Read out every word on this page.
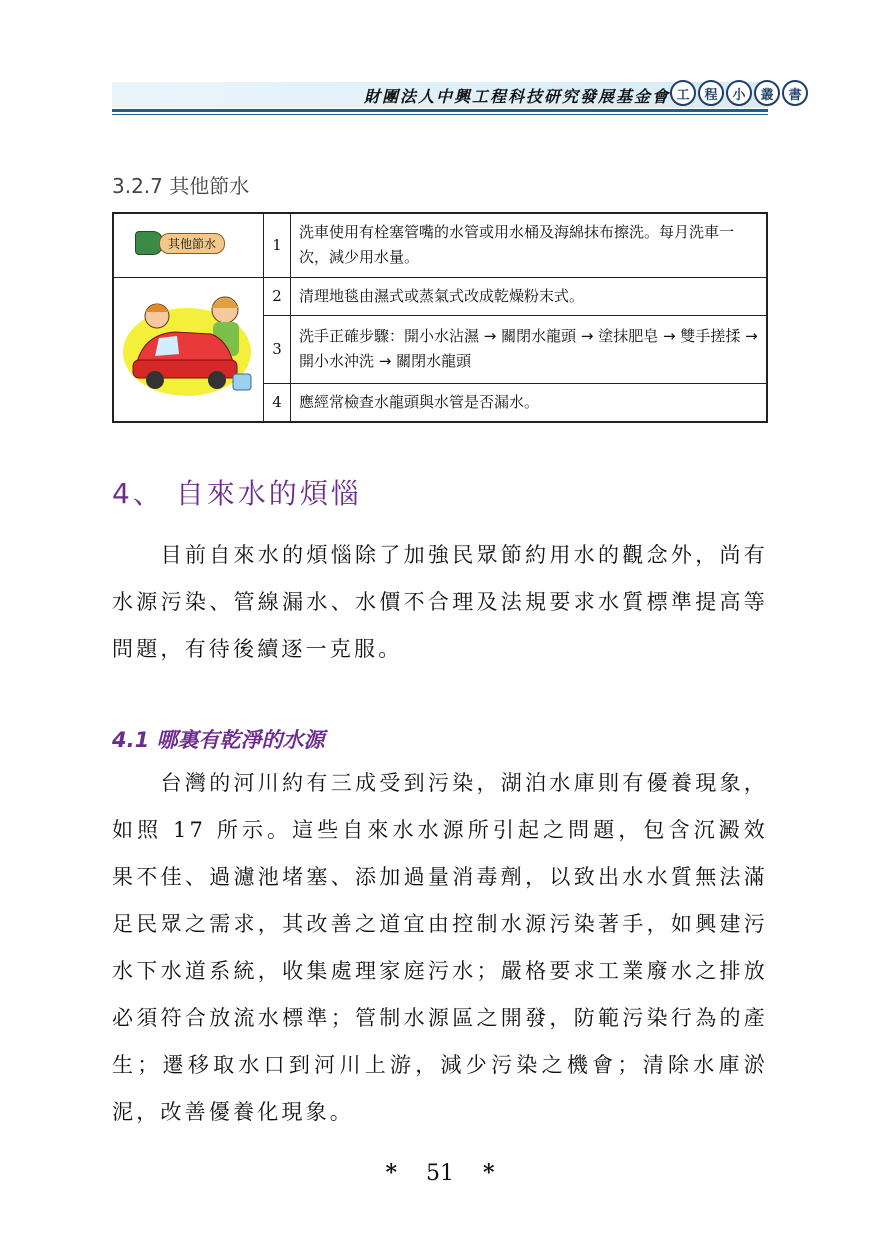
財團法人中興工程科技研究發展基金會 工	程	小	叢	書
3.2.7 其他節水
其他節水	1	洗車使用有栓塞管嘴的水管或用水桶及海綿抹布擦洗。每月洗車一次，減少用水量。
	2	清理地毯由濕式或蒸氣式改成乾燥粉末式。
	3	洗手正確步驟：開小水沾濕 → 關閉水龍頭 → 塗抹肥皂 → 雙手搓揉 → 開小水沖洗 → 關閉水龍頭
	4	應經常檢查水龍頭與水管是否漏水。
4、 自來水的煩惱
　　目前自來水的煩惱除了加強民眾節約用水的觀念外，尚有水源污染、管線漏水、水價不合理及法規要求水質標準提高等問題，有待後續逐一克服。
4.1 哪裏有乾淨的水源
　　台灣的河川約有三成受到污染，湖泊水庫則有優養現象，如照 17 所示。這些自來水水源所引起之問題，包含沉澱效果不佳、過濾池堵塞、添加過量消毒劑，以致出水水質無法滿足民眾之需求，其改善之道宜由控制水源污染著手，如興建污水下水道系統，收集處理家庭污水；嚴格要求工業廢水之排放必須符合放流水標準；管制水源區之開發，防範污染行為的產生；遷移取水口到河川上游，減少污染之機會；清除水庫淤泥，改善優養化現象。
* 51 *
